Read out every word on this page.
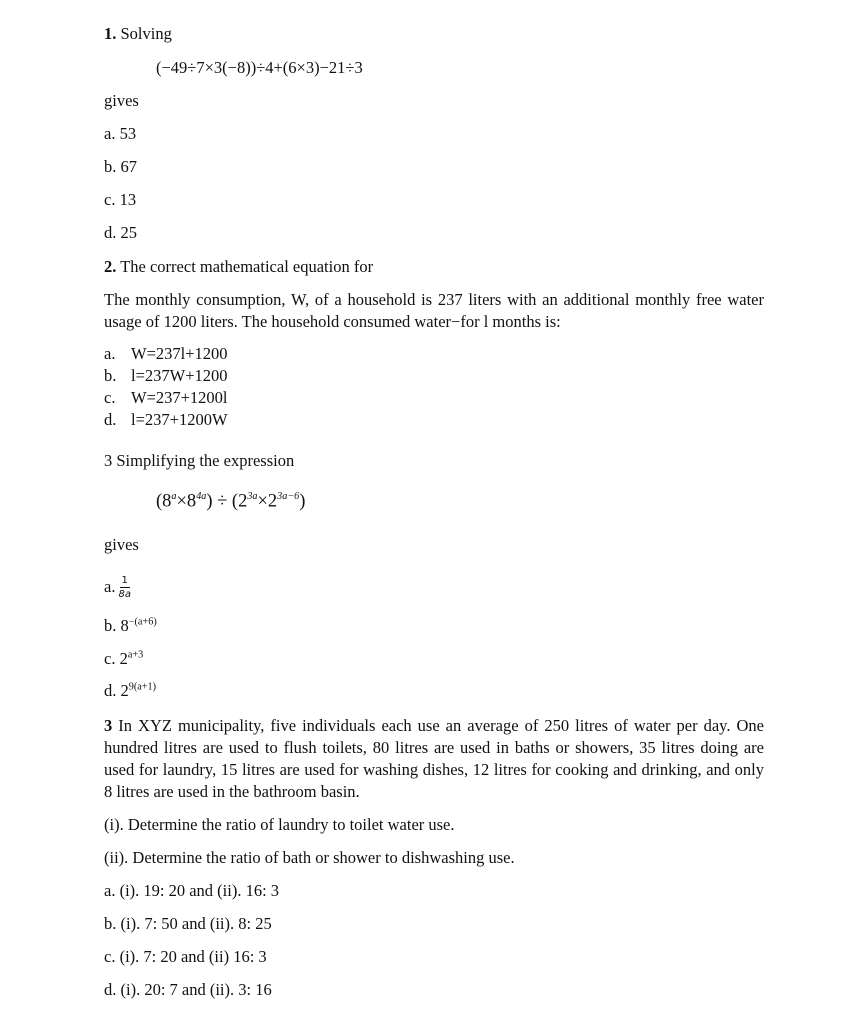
1. Solving
(−49÷7×3(−8))÷4+(6×3)−21÷3
gives
a. 53
b. 67
c. 13
d. 25
2. The correct mathematical equation for
The monthly consumption, W, of a household is 237 liters with an additional monthly free water usage of 1200 liters. The household consumed water−for l months is:
a. W=237l+1200
b. l=237W+1200
c. W=237+1200l
d. l=237+1200W
3 Simplifying the expression
$(8^a\times 8^{4a}) \div (2^{3a}\times 2^{3a-6})$
gives
a. $\frac{1}{8a}$
b. $8^{-(a+6)}$
c. $2^{a+3}$
d. $2^{9(a+1)}$
3 In XYZ municipality, five individuals each use an average of 250 litres of water per day. One hundred litres are used to flush toilets, 80 litres are used in baths or showers, 35 litres doing are used for laundry, 15 litres are used for washing dishes, 12 litres for cooking and drinking, and only 8 litres are used in the bathroom basin.
(i). Determine the ratio of laundry to toilet water use.
(ii). Determine the ratio of bath or shower to dishwashing use.
a. (i). 19: 20 and (ii). 16: 3
b. (i). 7: 50 and (ii). 8: 25
c. (i). 7: 20 and (ii) 16: 3
d. (i). 20: 7 and (ii). 3: 16
